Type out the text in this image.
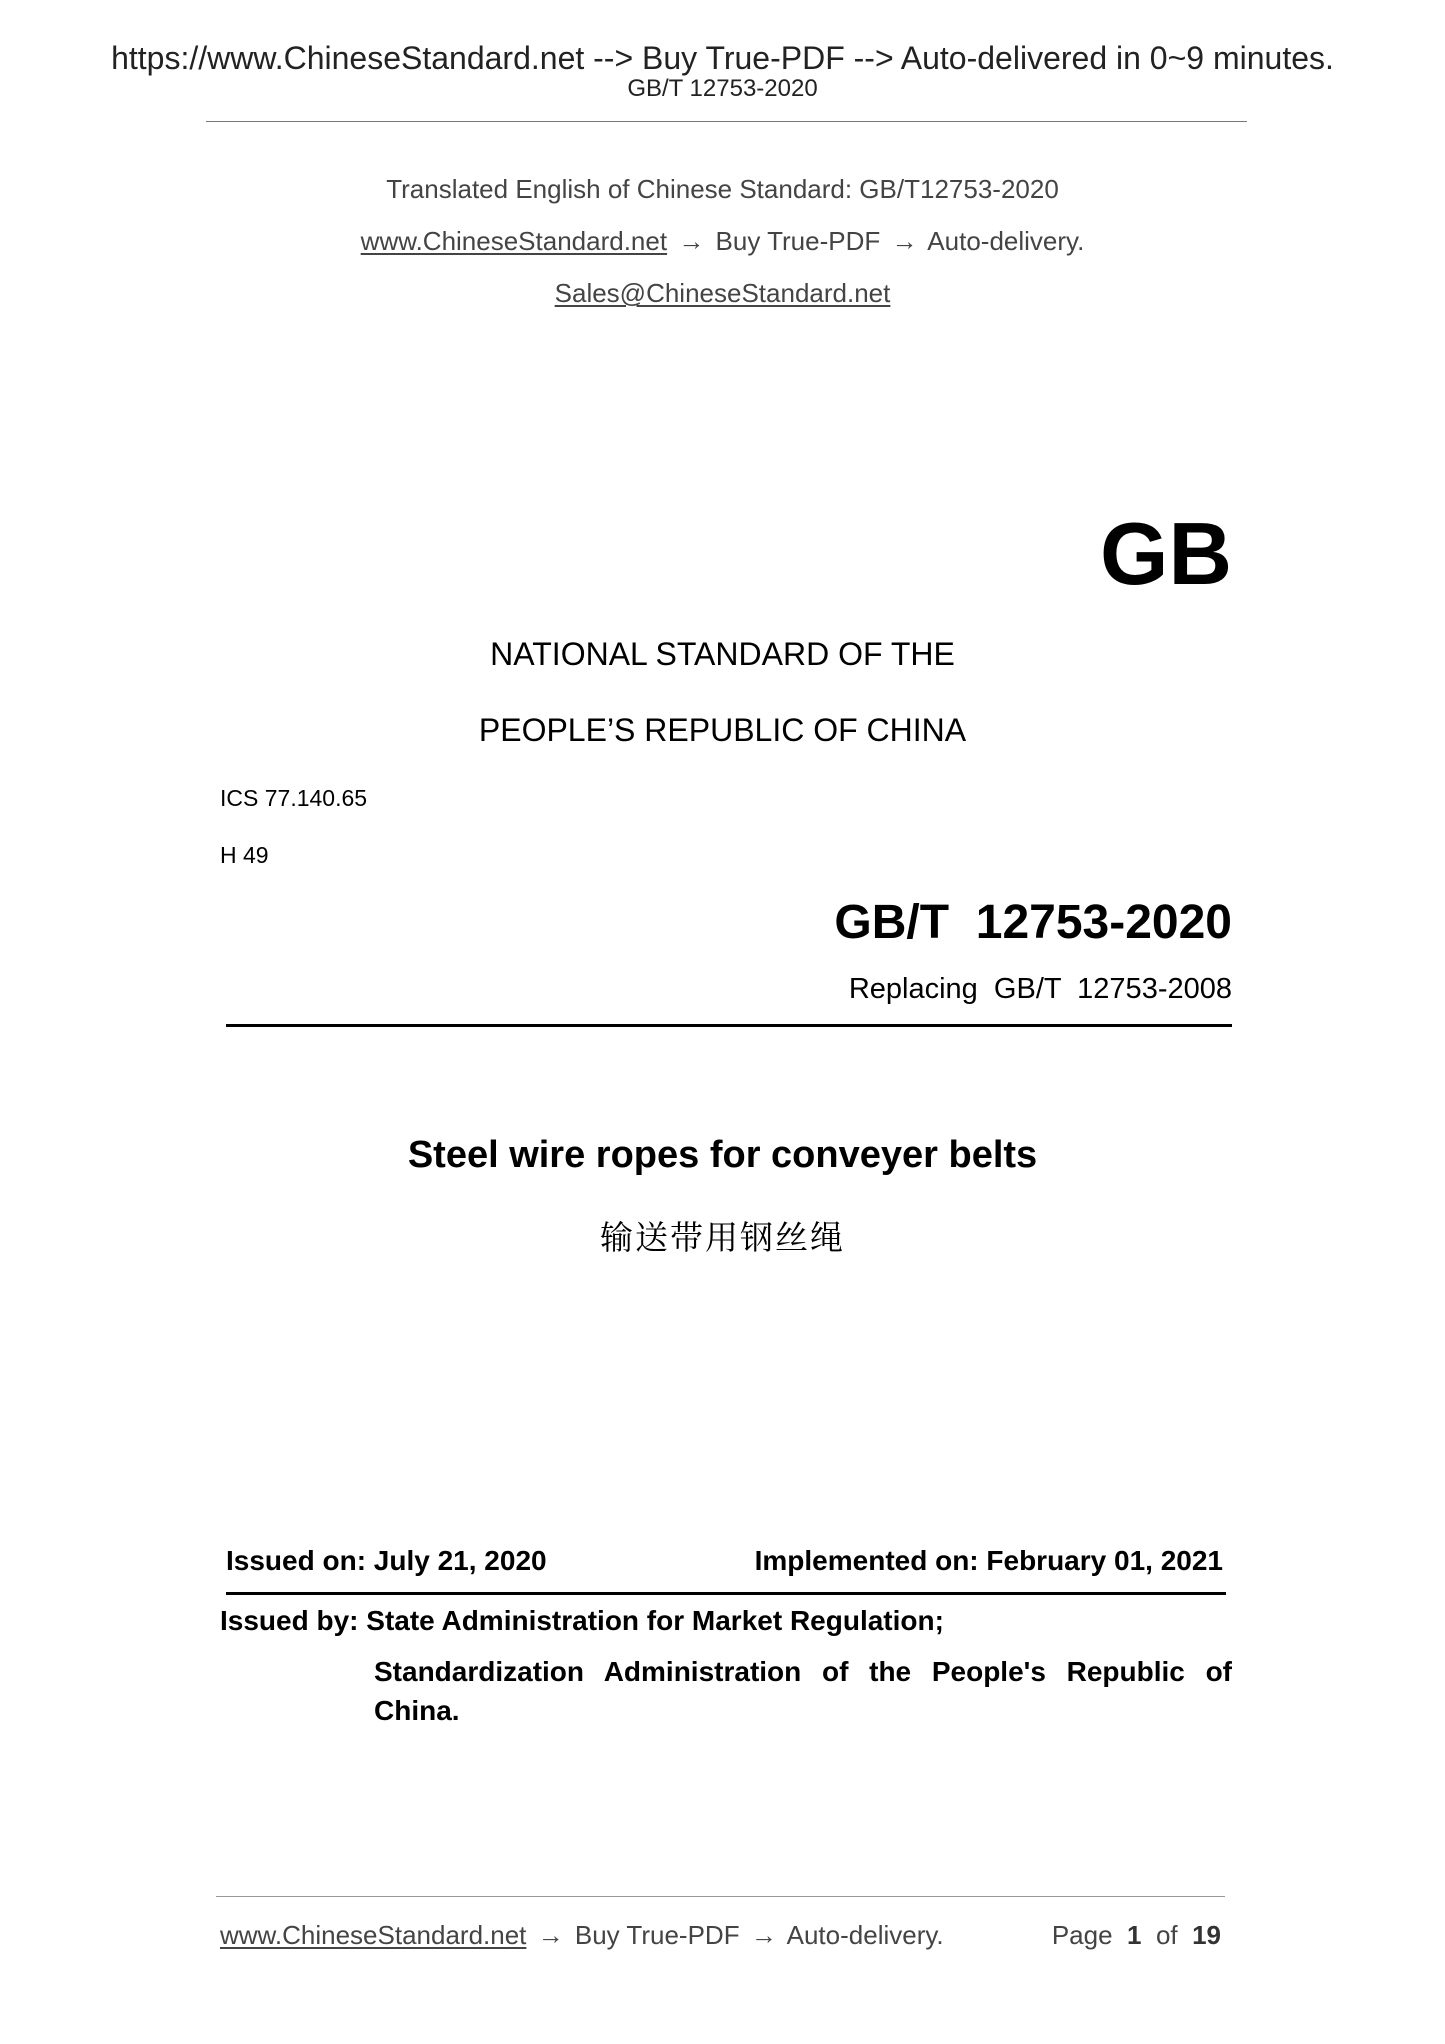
https://www.ChineseStandard.net --> Buy True-PDF --> Auto-delivered in 0~9 minutes.
GB/T 12753-2020
Translated English of Chinese Standard: GB/T12753-2020
www.ChineseStandard.net → Buy True-PDF → Auto-delivery.
Sales@ChineseStandard.net
GB
NATIONAL STANDARD OF THE
PEOPLE’S REPUBLIC OF CHINA
ICS 77.140.65
H 49
GB/T  12753-2020
Replacing  GB/T  12753-2008
Steel wire ropes for conveyer belts
输送带用钢丝绳
Issued on: July 21, 2020	Implemented on: February 01, 2021
Issued by: State Administration for Market Regulation;
Standardization Administration of the People's Republic of China.
www.ChineseStandard.net → Buy True-PDF → Auto-delivery.	Page 1 of 19
